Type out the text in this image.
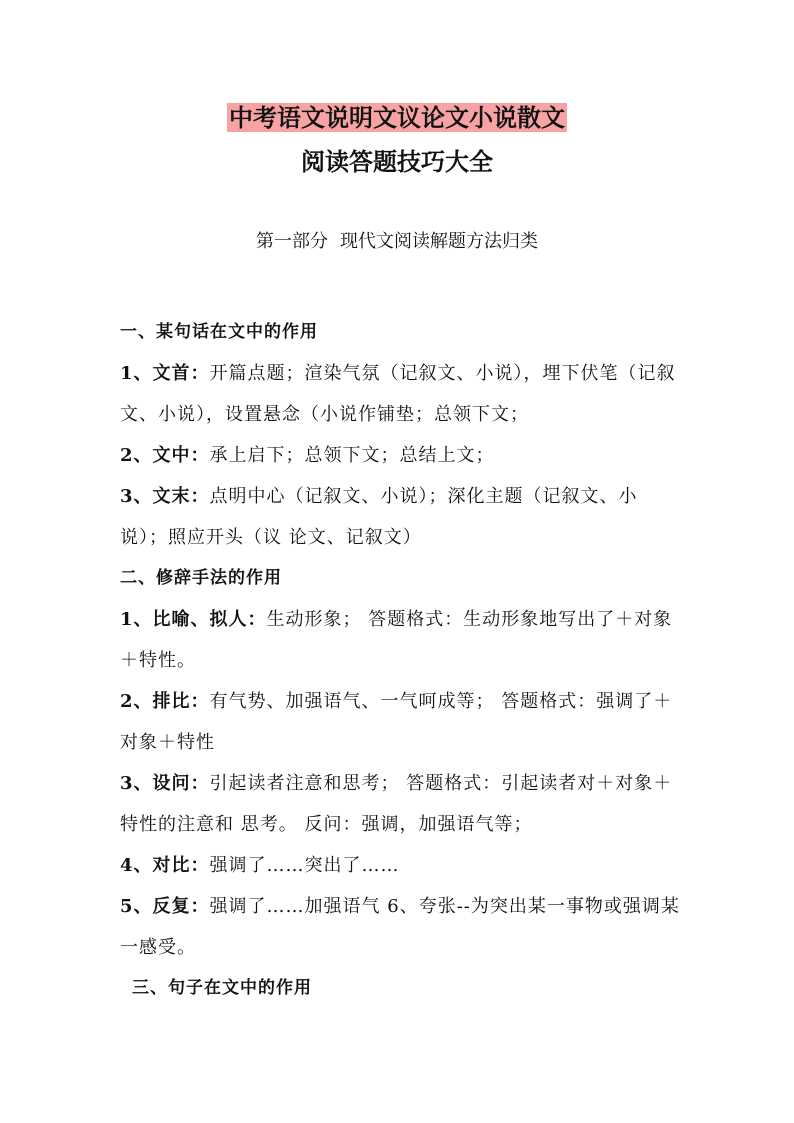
中考语文说明文议论文小说散文
阅读答题技巧大全
第一部分 现代文阅读解题方法归类

一、某句话在文中的作用

1、文首：开篇点题；渲染气氛（记叙文、小说），埋下伏笔（记叙文、小说），设置悬念（小说作铺垫；总领下文；

2、文中：承上启下；总领下文；总结上文；

3、文末：点明中心（记叙文、小说）；深化主题（记叙文、小说）；照应开头（议 论文、记叙文）

二、修辞手法的作用

1、比喻、拟人：生动形象； 答题格式：生动形象地写出了＋对象＋特性。

2、排比：有气势、加强语气、一气呵成等； 答题格式：强调了＋对象＋特性

3、设问：引起读者注意和思考； 答题格式：引起读者对＋对象＋特性的注意和 思考。 反问：强调，加强语气等；

4、对比：强调了……突出了……

5、反复：强调了……加强语气 6、夸张--为突出某一事物或强调某一感受。

三、句子在文中的作用
